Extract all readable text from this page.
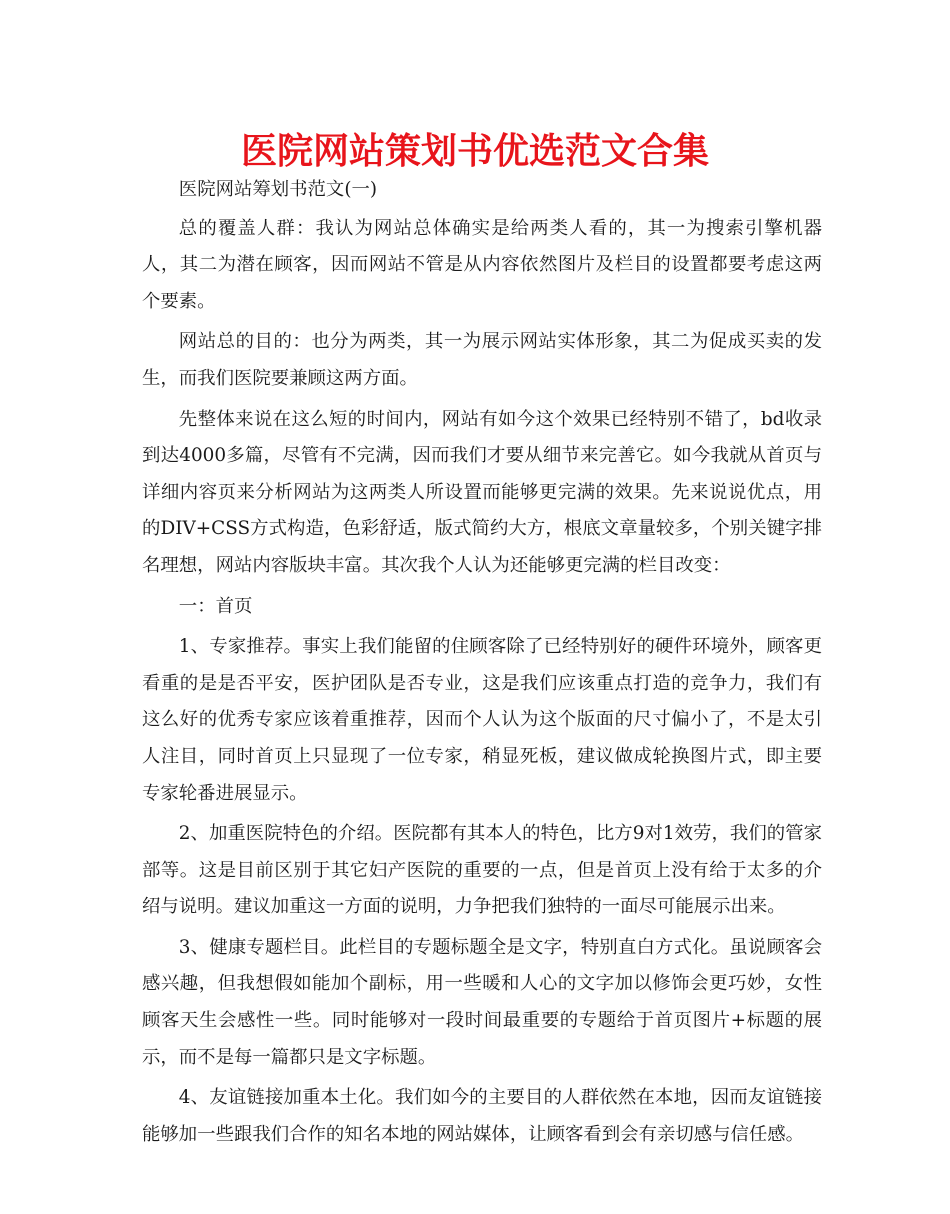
医院网站策划书优选范文合集

医院网站筹划书范文(一)

总的覆盖人群：我认为网站总体确实是给两类人看的，其一为搜索引擎机器人，其二为潜在顾客，因而网站不管是从内容依然图片及栏目的设置都要考虑这两个要素。

网站总的目的：也分为两类，其一为展示网站实体形象，其二为促成买卖的发生，而我们医院要兼顾这两方面。

先整体来说在这么短的时间内，网站有如今这个效果已经特别不错了，bd收录到达4000多篇，尽管有不完满，因而我们才要从细节来完善它。如今我就从首页与详细内容页来分析网站为这两类人所设置而能够更完满的效果。先来说说优点，用的DIV+CSS方式构造，色彩舒适，版式简约大方，根底文章量较多，个别关键字排名理想，网站内容版块丰富。其次我个人认为还能够更完满的栏目改变：

一：首页

1、专家推荐。事实上我们能留的住顾客除了已经特别好的硬件环境外，顾客更看重的是是否平安，医护团队是否专业，这是我们应该重点打造的竞争力，我们有这么好的优秀专家应该着重推荐，因而个人认为这个版面的尺寸偏小了，不是太引人注目，同时首页上只显现了一位专家，稍显死板，建议做成轮换图片式，即主要专家轮番进展显示。

2、加重医院特色的介绍。医院都有其本人的特色，比方9对1效劳，我们的管家部等。这是目前区别于其它妇产医院的重要的一点，但是首页上没有给于太多的介绍与说明。建议加重这一方面的说明，力争把我们独特的一面尽可能展示出来。

3、健康专题栏目。此栏目的专题标题全是文字，特别直白方式化。虽说顾客会感兴趣，但我想假如能加个副标，用一些暖和人心的文字加以修饰会更巧妙，女性顾客天生会感性一些。同时能够对一段时间最重要的专题给于首页图片+标题的展示，而不是每一篇都只是文字标题。

4、友谊链接加重本土化。我们如今的主要目的人群依然在本地，因而友谊链接能够加一些跟我们合作的知名本地的网站媒体，让顾客看到会有亲切感与信任感。
